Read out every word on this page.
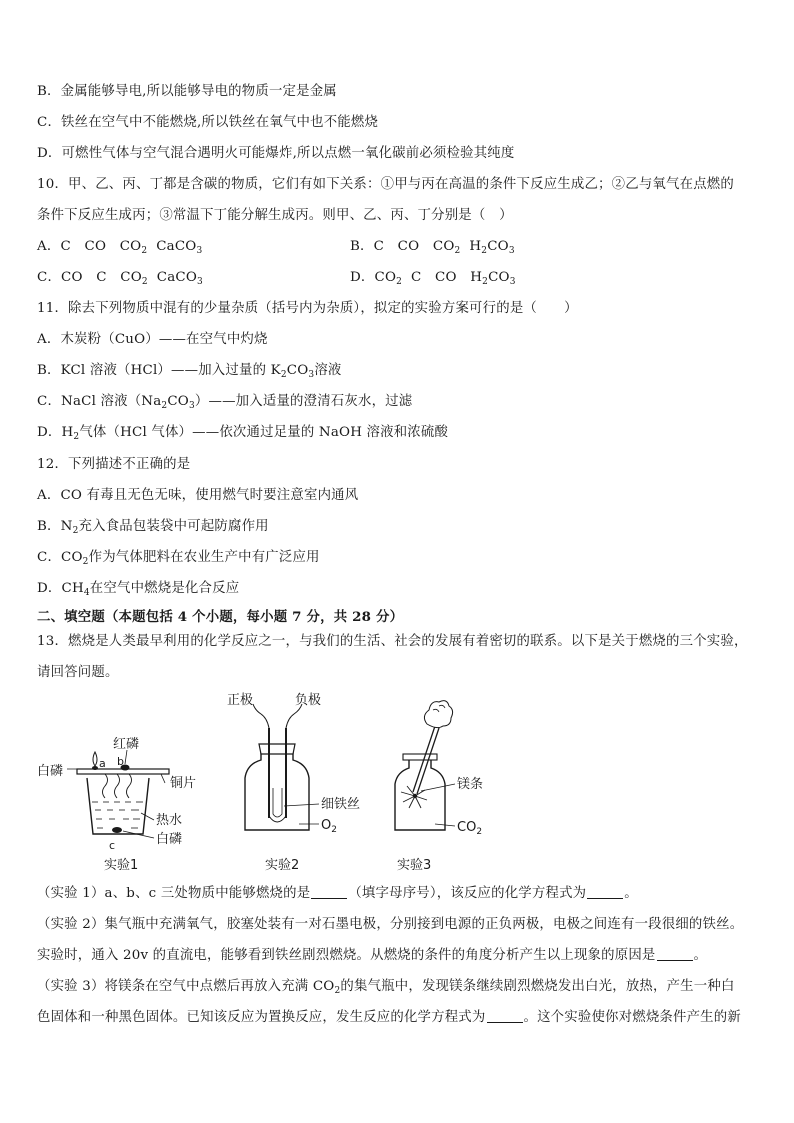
B．金属能够导电,所以能够导电的物质一定是金属
C．铁丝在空气中不能燃烧,所以铁丝在氧气中也不能燃烧
D．可燃性气体与空气混合遇明火可能爆炸,所以点燃一氧化碳前必须检验其纯度
10．甲、乙、丙、丁都是含碳的物质，它们有如下关系：①甲与丙在高温的条件下反应生成乙；②乙与氧气在点燃的
条件下反应生成丙；③常温下丁能分解生成丙。则甲、乙、丙、丁分别是（　）
A．C　CO　$CO_2$ CaCO$_3$	B．C　CO　$CO_2$ $H_2CO_3$
C．CO　C　$CO_2$ CaCO$_3$	D．$CO_2$ C　CO　$H_2CO_3$
11．除去下列物质中混有的少量杂质（括号内为杂质），拟定的实验方案可行的是（　　）
A．木炭粉（CuO）——在空气中灼烧
B．KCl 溶液（HCl）——加入过量的 $K_2CO_3$溶液
C．NaCl 溶液$(Na_2CO_3)——$加入适量的澄清石灰水，过滤
D．$H_2$气体（HCl 气体）——依次通过足量的 NaOH 溶液和浓硫酸
12．下列描述不正确的是
A．CO 有毒且无色无味，使用燃气时要注意室内通风
B．$N_2$充入食品包装袋中可起防腐作用
C．$CO_2$作为气体肥料在农业生产中有广泛应用
D．$CH_4$在空气中燃烧是化合反应
二、填空题（本题包括 4 个小题，每小题 7 分，共 28 分）
13．燃烧是人类最早利用的化学反应之一，与我们的生活、社会的发展有着密切的联系。以下是关于燃烧的三个实验，
请回答问题。
白磷
红磷
铜片
热水
白磷
a b
c
实验1
正极	负极
细铁丝
$O_2$
实验2
镁条
$CO_2$
实验3
（实验 1）a、b、c 三处物质中能够燃烧的是	（填字母序号），该反应的化学方程式为	。
（实验 2）集气瓶中充满氧气，胶塞处装有一对石墨电极，分别接到电源的正负两极，电极之间连有一段很细的铁丝。
实验时，通入 20v 的直流电，能够看到铁丝剧烈燃烧。从燃烧的条件的角度分析产生以上现象的原因是	。
（实验 3）将镁条在空气中点燃后再放入充满 $CO_2$的集气瓶中，发现镁条继续剧烈燃烧发出白光，放热，产生一种白
色固体和一种黑色固体。已知该反应为置换反应，发生反应的化学方程式为	。这个实验使你对燃烧条件产生的新
